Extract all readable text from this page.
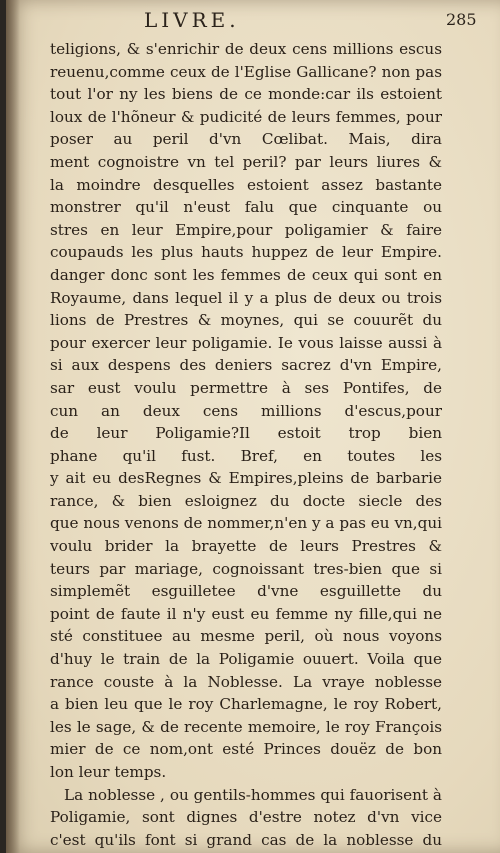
LIVRE.	285
teligions, & s'enrichir de deux cens millions escus
reuenu,comme ceux de l'Eglise Gallicane? non pas
tout l'or ny les biens de ce monde:car ils estoient
loux de l'hõneur & pudicité de leurs femmes, pour
poser au peril d'vn Cœlibat. Mais, dira
ment cognoistre vn tel peril? par leurs liures &
la moindre desquelles estoient assez bastante
monstrer qu'il n'eust falu que cinquante ou
stres en leur Empire,pour poligamier & faire
coupauds les plus hauts huppez de leur Empire.
danger donc sont les femmes de ceux qui sont en
Royaume, dans lequel il y a plus de deux ou trois
lions de Prestres & moynes, qui se couurẽt du
pour exercer leur poligamie. Ie vous laisse aussi à
si aux despens des deniers sacrez d'vn Empire,
sar eust voulu permettre à ses Pontifes, de
cun an deux cens millions d'escus,pour
de leur Poligamie?Il estoit trop bien
phane qu'il fust. Bref, en toutes les
y ait eu desRegnes & Empires,pleins de barbarie
rance, & bien esloignez du docte siecle des
que nous venons de nommer,n'en y a pas eu vn,qui
voulu brider la brayette de leurs Prestres &
teurs par mariage, cognoissant tres-bien que si
simplemẽt esguilletee d'vne esguillette du
point de faute il n'y eust eu femme ny fille,qui ne
sté constituee au mesme peril, où nous voyons
d'huy le train de la Poligamie ouuert. Voila que
rance couste à la Noblesse. La vraye noblesse
a bien leu que le roy Charlemagne, le roy Robert,
les le sage, & de recente memoire, le roy François
mier de ce nom,ont esté Princes douëz de bon
lon leur temps.
La noblesse , ou gentils-hommes qui fauorisent à
Poligamie, sont dignes d'estre notez d'vn vice
c'est qu'ils font si grand cas de la noblesse du
